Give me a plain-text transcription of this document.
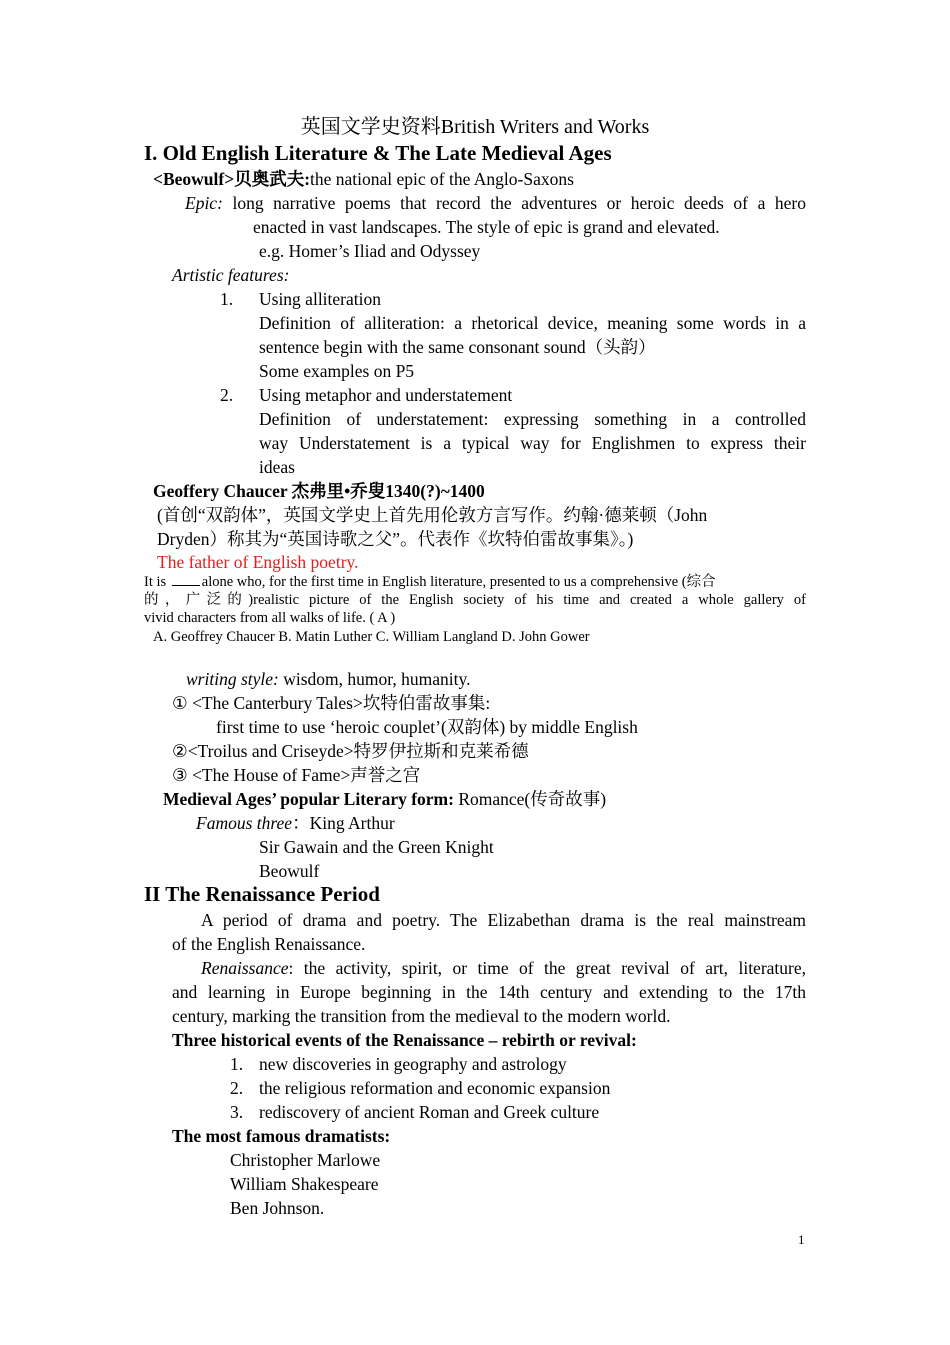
英国文学史资料British Writers and Works
I. Old English Literature & The Late Medieval Ages
<Beowulf>贝奥武夫:the national epic of the Anglo-Saxons
Epic: long narrative poems that record the adventures or heroic deeds of a hero
enacted in vast landscapes. The style of epic is grand and elevated.
e.g. Homer’s Iliad and Odyssey
Artistic features:
1. Using alliteration
Definition of alliteration: a rhetorical device, meaning some words in a
sentence begin with the same consonant sound（头韵）
Some examples on P5
2. Using metaphor and understatement
Definition of understatement: expressing something in a controlled
way Understatement is a typical way for Englishmen to express their
ideas
Geoffery Chaucer 杰弗里•乔叟1340(?)~1400
(首创“双韵体”，英国文学史上首先用伦敦方言写作。约翰·德莱顿（John
Dryden）称其为“英国诗歌之父”。代表作《坎特伯雷故事集》。)
The father of English poetry.
It is alone who, for the first time in English literature, presented to us a comprehensive (综合
的，广泛的)realistic picture of the English society of his time and created a whole gallery of
vivid characters from all walks of life. ( A )
A. Geoffrey Chaucer B. Matin Luther C. William Langland D. John Gower
writing style: wisdom, humor, humanity.
① <The Canterbury Tales>坎特伯雷故事集:
first time to use ‘heroic couplet’(双韵体) by middle English
②<Troilus and Criseyde>特罗伊拉斯和克莱希德
③ <The House of Fame>声誉之宫
Medieval Ages’ popular Literary form: Romance(传奇故事)
Famous three：King Arthur
Sir Gawain and the Green Knight
Beowulf
II The Renaissance Period
A period of drama and poetry. The Elizabethan drama is the real mainstream
of the English Renaissance.
Renaissance: the activity, spirit, or time of the great revival of art, literature,
and learning in Europe beginning in the 14th century and extending to the 17th
century, marking the transition from the medieval to the modern world.
Three historical events of the Renaissance – rebirth or revival:
1. new discoveries in geography and astrology
2. the religious reformation and economic expansion
3. rediscovery of ancient Roman and Greek culture
The most famous dramatists:
Christopher Marlowe
William Shakespeare
Ben Johnson.
1
